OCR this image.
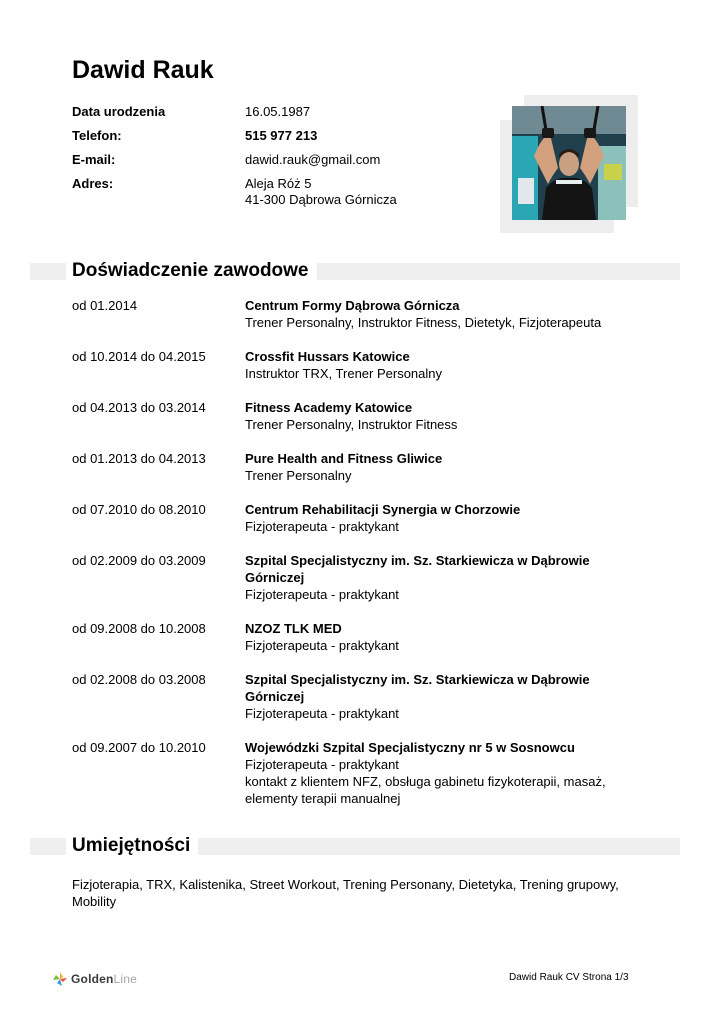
Dawid Rauk
Data urodzenia	16.05.1987
Telefon:	515 977 213
E-mail:	dawid.rauk@gmail.com
Adres:	Aleja Róż 5
41-300 Dąbrowa Górnicza
Doświadczenie zawodowe
od 01.2014	Centrum Formy Dąbrowa Górnicza
Trener Personalny, Instruktor Fitness, Dietetyk, Fizjoterapeuta
od 10.2014 do 04.2015	Crossfit Hussars Katowice
Instruktor TRX, Trener Personalny
od 04.2013 do 03.2014	Fitness Academy Katowice
Trener Personalny, Instruktor Fitness
od 01.2013 do 04.2013	Pure Health and Fitness Gliwice
Trener Personalny
od 07.2010 do 08.2010	Centrum Rehabilitacji Synergia w Chorzowie
Fizjoterapeuta - praktykant
od 02.2009 do 03.2009	Szpital Specjalistyczny im. Sz. Starkiewicza w Dąbrowie Górniczej
Fizjoterapeuta - praktykant
od 09.2008 do 10.2008	NZOZ TLK MED
Fizjoterapeuta - praktykant
od 02.2008 do 03.2008	Szpital Specjalistyczny im. Sz. Starkiewicza w Dąbrowie Górniczej
Fizjoterapeuta - praktykant
od 09.2007 do 10.2010	Wojewódzki Szpital Specjalistyczny nr 5 w Sosnowcu
Fizjoterapeuta - praktykant
kontakt z klientem NFZ, obsługa gabinetu fizykoterapii, masaż, elementy terapii manualnej
Umiejętności
Fizjoterapia, TRX, Kalistenika, Street Workout, Trening Personany, Dietetyka, Trening grupowy, Mobility
GoldenLine	Dawid Rauk CV Strona 1/3
